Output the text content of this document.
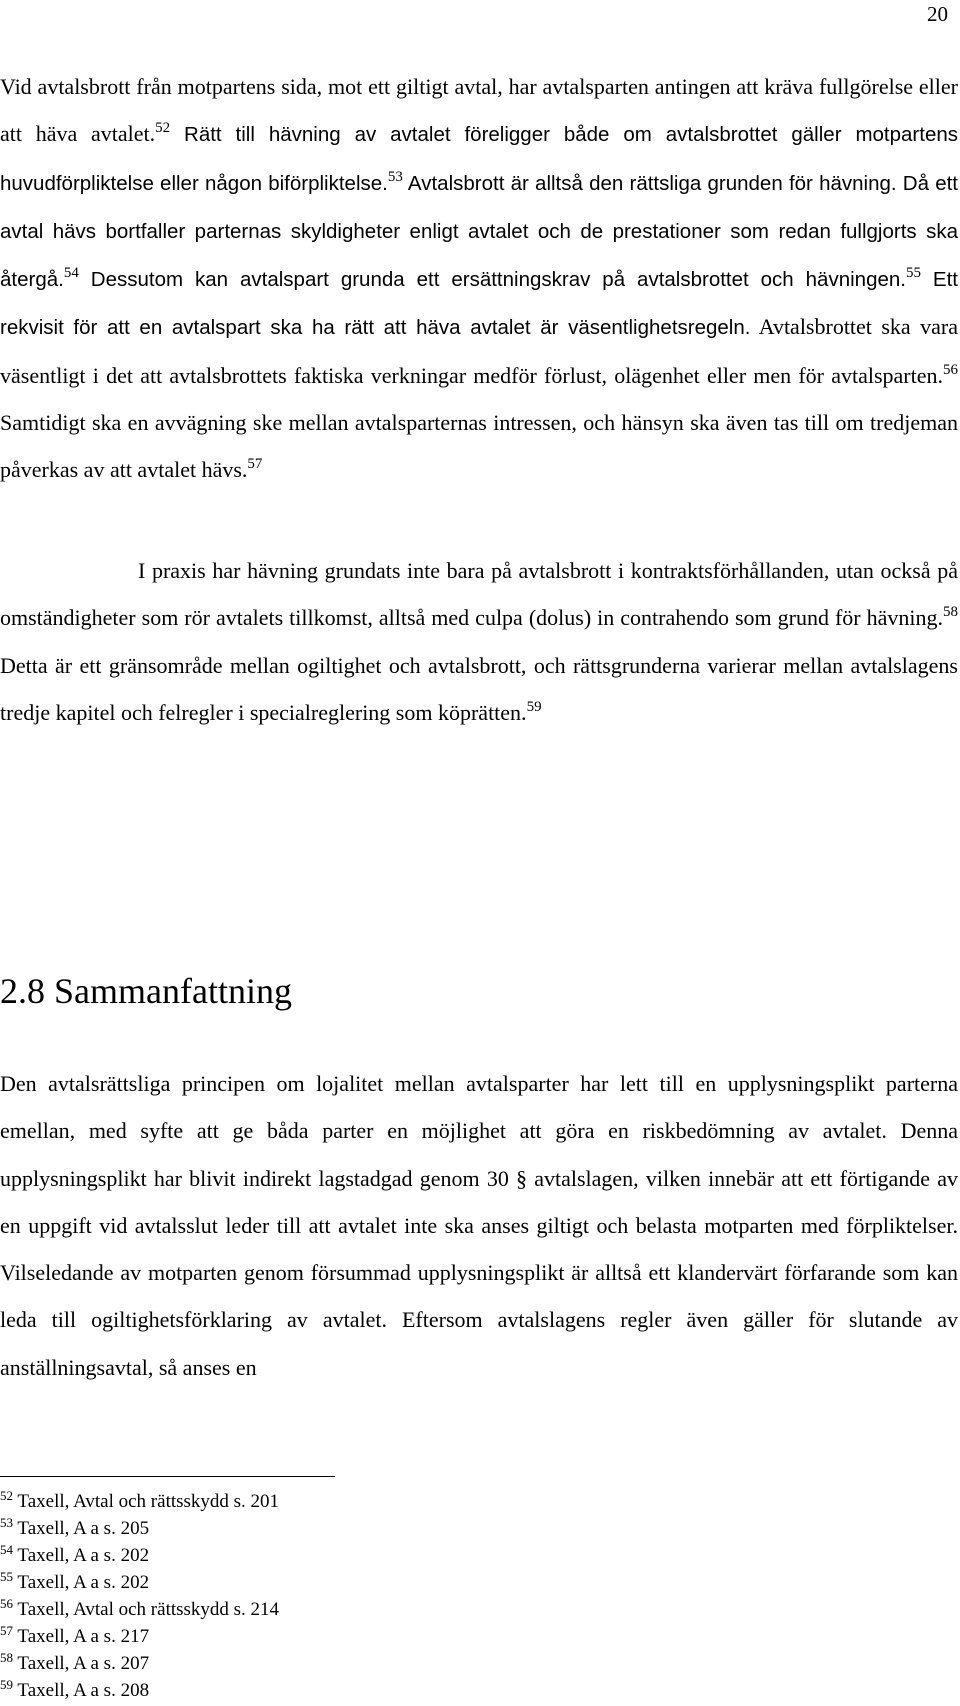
20

Vid avtalsbrott från motpartens sida, mot ett giltigt avtal, har avtalsparten antingen att kräva fullgörelse eller att häva avtalet.$^{52}$ Rätt till hävning av avtalet föreligger både om avtalsbrottet gäller motpartens huvudförpliktelse eller någon biförpliktelse.$^{53}$ Avtalsbrott är alltså den rättsliga grunden för hävning. Då ett avtal hävs bortfaller parternas skyldigheter enligt avtalet och de prestationer som redan fullgjorts ska återgå.$^{54}$ Dessutom kan avtalspart grunda ett ersättningskrav på avtalsbrottet och hävningen.$^{55}$ Ett rekvisit för att en avtalspart ska ha rätt att häva avtalet är väsentlighetsregeln. Avtalsbrottet ska vara väsentligt i det att avtalsbrottets faktiska verkningar medför förlust, olägenhet eller men för avtalsparten.$^{56}$ Samtidigt ska en avvägning ske mellan avtalsparternas intressen, och hänsyn ska även tas till om tredjeman påverkas av att avtalet hävs.$^{57}$

I praxis har hävning grundats inte bara på avtalsbrott i kontraktsförhållanden, utan också på omständigheter som rör avtalets tillkomst, alltså med culpa (dolus) in contrahendo som grund för hävning.$^{58}$ Detta är ett gränsområde mellan ogiltighet och avtalsbrott, och rättsgrunderna varierar mellan avtalslagens tredje kapitel och felregler i specialreglering som köprätten.$^{59}$

2.8 Sammanfattning

Den avtalsrättsliga principen om lojalitet mellan avtalsparter har lett till en upplysningsplikt parterna emellan, med syfte att ge båda parter en möjlighet att göra en riskbedömning av avtalet. Denna upplysningsplikt har blivit indirekt lagstadgad genom 30 § avtalslagen, vilken innebär att ett förtigande av en uppgift vid avtalsslut leder till att avtalet inte ska anses giltigt och belasta motparten med förpliktelser. Vilseledande av motparten genom försummad upplysningsplikt är alltså ett klandervärt förfarande som kan leda till ogiltighetsförklaring av avtalet. Eftersom avtalslagens regler även gäller för slutande av anställningsavtal, så anses en

$^{52}$ Taxell, Avtal och rättsskydd s. 201
$^{53}$ Taxell, A a s. 205
$^{54}$ Taxell, A a s. 202
$^{55}$ Taxell, A a s. 202
$^{56}$ Taxell, Avtal och rättsskydd s. 214
$^{57}$ Taxell, A a s. 217
$^{58}$ Taxell, A a s. 207
$^{59}$ Taxell, A a s. 208
